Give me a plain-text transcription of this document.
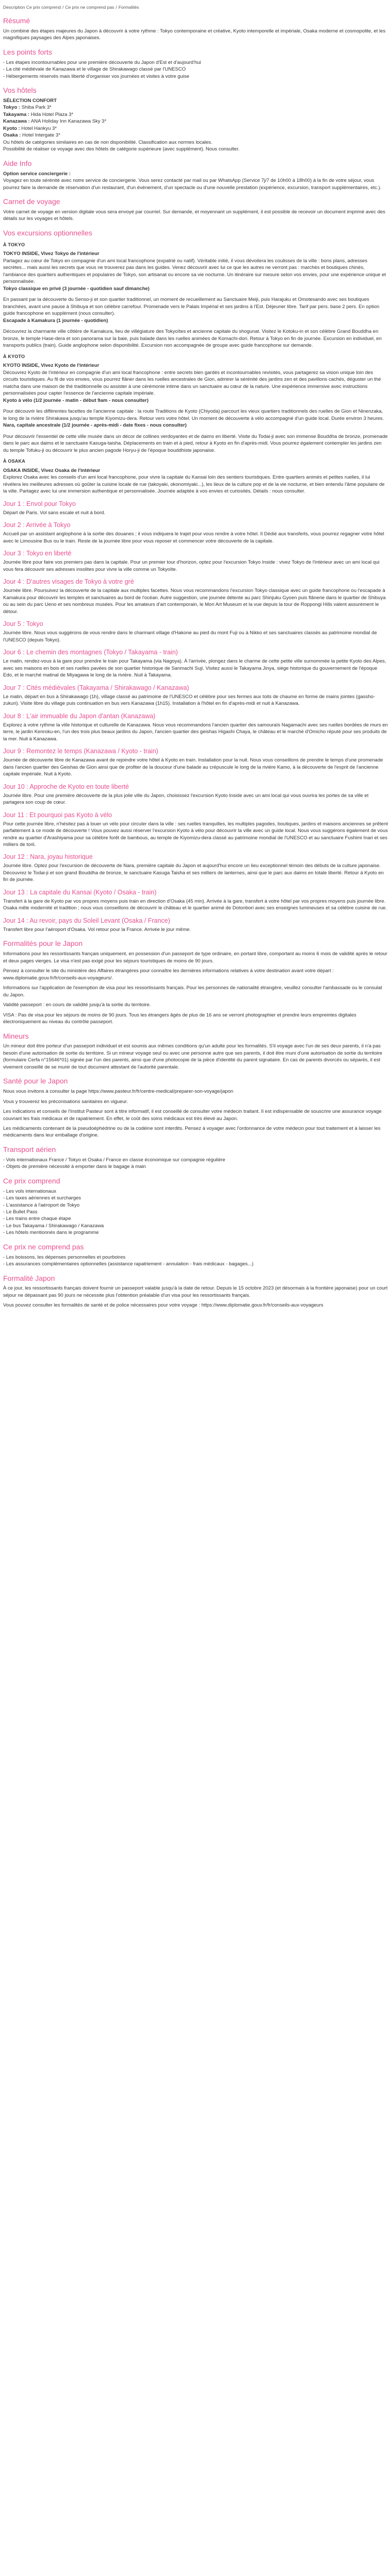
Description Ce prix comprend / Ce prix ne comprend pas / Formalités
Résumé

Un combiné des étapes majeures du Japon à découvrir à votre rythme : Tokyo contemporaine et créative, Kyoto intemporelle et impériale, Osaka moderne et cosmopolite, et les magnifiques paysages des Alpes japonaises.

Les points forts
- Les étapes incontournables pour une première découverte du Japon d'Est et d'aujourd'hui
- La cité médiévale de Kanazawa et le village de Shirakawago classé par l'UNESCO
- Hébergements réservés mais liberté d'organiser vos journées et visites à votre guise
Vos hôtels
SÉLECTION CONFORT
Tokyo : Shiba Park 3*
Takayama : Hida Hotel Plaza 3*
Kanazawa : ANA Holiday Inn Kanazawa Sky 3*
Kyoto : Hotel Hankyu 3*
Osaka : Hotel Intergate 3*
Ou hôtels de catégories similaires en cas de non disponibilité. Classification aux normes locales.
Possibilité de réaliser ce voyage avec des hôtels de catégorie supérieure (avec supplément). Nous consulter.
Aide Info
Option service conciergerie :

Voyagez en toute sérénité avec notre service de conciergerie. Vous serez contacté par mail ou par WhatsApp (Service 7j/7 de 10h00 à 18h00) à la fin de votre séjour, vous pourrez faire la demande de réservation d'un restaurant, d'un événement, d'un spectacle ou d'une nouvelle prestation (expérience, excursion, transport supplémentaires, etc.).

Carnet de voyage

Votre carnet de voyage en version digitale vous sera envoyé par courriel. Sur demande, et moyennant un supplément, il est possible de recevoir un document imprimé avec des détails sur les voyages et hôtels.

Vos excursions optionnelles
À TOKYO
TOKYO INSIDE, Vivez Tokyo de l'intérieur
Partagez au cœur de Tokyo en compagnie d'un ami local francophone (expatrié ou natif). Véritable initié, il vous dévoilera les coulisses de la ville : bons plans, adresses secrètes... mais aussi les secrets que vous ne trouverez pas dans les guides. Venez découvrir avec lui ce que les autres ne verront pas : marchés et boutiques chinés, l'ambiance des quartiers authentiques et populaires de Tokyo, son artisanat ou encore sa vie nocturne. Un itinéraire sur mesure selon vos envies, pour une expérience unique et personnalisée.
Tokyo classique en privé (3 journée - quotidien sauf dimanche)
En passant par la découverte du Senso-ji et son quartier traditionnel, un moment de recueillement au Sanctuaire Meiji, puis Harajuku et Omotesando avec ses boutiques branchées, avant une pause à Shibuya et son célèbre carrefour. Promenade vers le Palais Impérial et ses jardins à l'Est. Déjeuner libre. Tarif par pers. base 2 pers. En option guide francophone en supplément (nous consulter).
Escapade à Kamakura (1 journée - quotidien)
Découvrez la charmante ville côtière de Kamakura, lieu de villégiature des Tokyoïtes et ancienne capitale du shogunat. Visitez le Kotoku-in et son célèbre Grand Bouddha en bronze, le temple Hase-dera et son panorama sur la baie, puis balade dans les ruelles animées de Komachi-dori. Retour à Tokyo en fin de journée. Excursion en individuel, en transports publics (train). Guide anglophone selon disponibilité. Excursion non accompagnée de groupe avec guide francophone sur demande.
À KYOTO
KYOTO INSIDE, Vivez Kyoto de l'intérieur
Découvrez Kyoto de l'intérieur en compagnie d'un ami local francophone : entre secrets bien gardés et incontournables revisités, vous partagerez sa vision unique loin des circuits touristiques. Au fil de vos envies, vous pourrez flâner dans les ruelles ancestrales de Gion, admirer la sérénité des jardins zen et des pavillons cachés, déguster un thé matcha dans une maison de thé traditionnelle ou assister à une cérémonie intime dans un sanctuaire au cœur de la nature. Une expérience immersive avec instructions personnalisées pour capter l'essence de l'ancienne capitale impériale.
Kyoto à vélo (1/2 journée - matin - début 9am - nous consulter)
Pour découvrir les différentes facettes de l'ancienne capitale : la route Traditions de Kyoto (Chiyoda) parcourt les vieux quartiers traditionnels des ruelles de Gion et Ninenzaka, le long de la rivière Shirakawa jusqu'au temple Kiyomizu-dera. Retour vers votre hôtel. Un moment de découverte à vélo accompagné d'un guide local. Durée environ 3 heures.
Nara, capitale ancestrale (1/2 journée - après-midi - date fixes - nous consulter)
Pour découvrir l'essentiel de cette ville musée dans un décor de collines verdoyantes et de daims en liberté. Visite du Todai-ji avec son immense Bouddha de bronze, promenade dans le parc aux daims et le sanctuaire Kasuga-taisha. Déplacements en train et à pied, retour à Kyoto en fin d'après-midi. Vous pourrez également contempler les jardins zen du temple Tofuku-ji ou découvrir le plus ancien pagode Horyu-ji de l'époque bouddhiste japonaise.
À OSAKA
OSAKA INSIDE, Vivez Osaka de l'intérieur
Explorez Osaka avec les conseils d'un ami local francophone, pour vivre la capitale du Kansai loin des sentiers touristiques. Entre quartiers animés et petites ruelles, il lui révélera les meilleures adresses où goûter la cuisine locale de rue (takoyaki, okonomiyaki...), les lieux de la culture pop et de la vie nocturne, et bien entendu l'âme populaire de la ville. Partagez avec lui une immersion authentique et personnalisée. Journée adaptée à vos envies et curiosités. Détails : nous consulter.
Jour 1 : Envol pour Tokyo

Départ de Paris. Vol sans escale et nuit à bord.

Jour 2 : Arrivée à Tokyo

Accueil par un assistant anglophone à la sortie des douanes ; il vous indiquera le trajet pour vous rendre à votre hôtel. Il Dédié aux transferts, vous pourrez regagner votre hôtel avec le Limousine Bus ou le train. Reste de la journée libre pour vous reposer et commencer votre découverte de la capitale.

Jour 3 : Tokyo en liberté

Journée libre pour faire vos premiers pas dans la capitale. Pour un premier tour d'horizon, optez pour l'excursion Tokyo Inside : vivez Tokyo de l'intérieur avec un ami local qui vous fera découvrir ses adresses insolites pour vivre la ville comme un Tokyoïte.

Jour 4 : D'autres visages de Tokyo à votre gré

Journée libre. Poursuivez la découverte de la capitale aux multiples facettes. Nous vous recommandons l'excursion Tokyo classique avec un guide francophone ou l'escapade à Kamakura pour découvrir les temples et sanctuaires au bord de l'océan. Autre suggestion, une journée détente au parc Shinjuku Gyoen puis flânerie dans le quartier de Shibuya ou au sein du parc Ueno et ses nombreux musées. Pour les amateurs d'art contemporain, le Mori Art Museum et la vue depuis la tour de Roppongi Hills valent assurément le détour.

Jour 5 : Tokyo

Journée libre. Nous vous suggérons de vous rendre dans le charmant village d'Hakone au pied du mont Fuji ou à Nikko et ses sanctuaires classés au patrimoine mondial de l'UNESCO (depuis Tokyo).

Jour 6 : Le chemin des montagnes (Tokyo / Takayama - train)

Le matin, rendez-vous à la gare pour prendre le train pour Takayama (via Nagoya). À l'arrivée, plongez dans le charme de cette petite ville surnommée la petite Kyoto des Alpes, avec ses maisons en bois et ses ruelles pavées de son quartier historique de Sanmachi Suji. Visitez aussi le Takayama Jinya, siège historique du gouvernement de l'époque Edo, et le marché matinal de Miyagawa le long de la rivière. Nuit à Takayama.

Jour 7 : Cités médiévales (Takayama / Shirakawago / Kanazawa)

Le matin, départ en bus à Shirakawago (1h), village classé au patrimoine de l'UNESCO et célèbre pour ses fermes aux toits de chaume en forme de mains jointes (gassho-zukuri). Visite libre du village puis continuation en bus vers Kanazawa (1h15). Installation à l'hôtel en fin d'après-midi et nuit à Kanazawa.

Jour 8 : L'air immuable du Japon d'antan (Kanazawa)

Explorez à votre rythme la ville historique et culturelle de Kanazawa. Nous vous recommandons l'ancien quartier des samouraïs Nagamachi avec ses ruelles bordées de murs en terre, le jardin Kenroku-en, l'un des trois plus beaux jardins du Japon, l'ancien quartier des geishas Higashi Chaya, le château et le marché d'Omicho réputé pour ses produits de la mer. Nuit à Kanazawa.

Jour 9 : Remontez le temps (Kanazawa / Kyoto - train)

Journée de découverte libre de Kanazawa avant de rejoindre votre hôtel à Kyoto en train. Installation pour la nuit. Nous vous conseillons de prendre le temps d'une promenade dans l'ancien quartier des Geishas de Gion ainsi que de profiter de la douceur d'une balade au crépuscule le long de la rivière Kamo, à la découverte de l'esprit de l'ancienne capitale impériale. Nuit à Kyoto.

Jour 10 : Approche de Kyoto en toute liberté

Journée libre. Pour une première découverte de la plus jolie ville du Japon, choisissez l'excursion Kyoto Inside avec un ami local qui vous ouvrira les portes de sa ville et partagera son coup de cœur.

Jour 11 : Et pourquoi pas Kyoto à vélo

Pour cette journée libre, n'hésitez pas à louer un vélo pour circuler dans la ville : ses ruelles tranquilles, les multiples pagodes, boutiques, jardins et maisons anciennes se prêtent parfaitement à ce mode de découverte ! Vous pouvez aussi réserver l'excursion Kyoto à vélo pour découvrir la ville avec un guide local. Nous vous suggérons également de vous rendre au quartier d'Arashiyama pour sa célèbre forêt de bambous, au temple de Kiyomizu-dera classé au patrimoine mondial de l'UNESCO et au sanctuaire Fushimi Inari et ses milliers de torii.

Jour 12 : Nara, joyau historique

Journée libre. Optez pour l'excursion de découverte de Nara, première capitale du Japon et aujourd'hui encore un lieu exceptionnel témoin des débuts de la culture japonaise. Découvrez le Todai-ji et son grand Bouddha de bronze, le sanctuaire Kasuga Taisha et ses milliers de lanternes, ainsi que le parc aux daims en totale liberté. Retour à Kyoto en fin de journée.

Jour 13 : La capitale du Kansai (Kyoto / Osaka - train)

Transfert à la gare de Kyoto par vos propres moyens puis train en direction d'Osaka (45 min). Arrivée à la gare, transfert à votre hôtel par vos propres moyens puis journée libre. Osaka mêle modernité et tradition ; nous vous conseillons de découvrir le château et le quartier animé de Dotonbori avec ses enseignes lumineuses et sa célèbre cuisine de rue.

Jour 14 : Au revoir, pays du Soleil Levant (Osaka / France)

Transfert libre pour l'aéroport d'Osaka. Vol retour pour la France. Arrivée le jour même.

Formalités pour le Japon

Informations pour les ressortissants français uniquement, en possession d'un passeport de type ordinaire, en portant libre, comportant au moins 6 mois de validité après le retour et deux pages vierges. Le visa n'est pas exigé pour les séjours touristiques de moins de 90 jours.

Pensez à consulter le site du ministère des Affaires étrangères pour connaître les dernières informations relatives à votre destination avant votre départ : www.diplomatie.gouv.fr/fr/conseils-aux-voyageurs/.

Informations sur l'application de l'exemption de visa pour les ressortissants français. Pour les personnes de nationalité étrangère, veuillez consulter l'ambassade ou le consulat du Japon.

Validité passeport : en cours de validité jusqu'à la sortie du territoire.

VISA : Pas de visa pour les séjours de moins de 90 jours. Tous les étrangers âgés de plus de 16 ans se verront photographier et prendre leurs empreintes digitales électroniquement au niveau du contrôle passeport.

Mineurs

Un mineur doit être porteur d'un passeport individuel et est soumis aux mêmes conditions qu'un adulte pour les formalités. S'il voyage avec l'un de ses deux parents, il n'a pas besoin d'une autorisation de sortie du territoire. Si un mineur voyage seul ou avec une personne autre que ses parents, il doit être muni d'une autorisation de sortie du territoire (formulaire Cerfa n°15646*01) signée par l'un des parents, ainsi que d'une photocopie de la pièce d'identité du parent signataire. En cas de parents divorcés ou séparés, il est vivement conseillé de se munir de tout document attestant de l'autorité parentale.

Santé pour le Japon

Nous vous invitons à consulter la page https://www.pasteur.fr/fr/centre-medical/preparer-son-voyage/japon

Vous y trouverez les préconisations sanitaires en vigueur.

Les indications et conseils de l'Institut Pasteur sont à titre informatif, il est conseillé de consulter votre médecin traitant. Il est indispensable de souscrire une assurance voyage couvrant les frais médicaux et de rapatriement. En effet, le coût des soins médicaux est très élevé au Japon.

Les médicaments contenant de la pseudoéphédrine ou de la codéine sont interdits. Pensez à voyager avec l'ordonnance de votre médecin pour tout traitement et à laisser les médicaments dans leur emballage d'origine.

Transport aérien

- Vols internationaux France / Tokyo et Osaka / France en classe économique sur compagnie régulière
- Objets de première nécessité à emporter dans le bagage à main

Ce prix comprend
- Les vols internationaux
- Les taxes aériennes et surcharges
- L'assistance à l'aéroport de Tokyo
- Le Bullet Pass
- Les trains entre chaque étape
- Le bus Takayama / Shirakawago / Kanazawa
- Les hôtels mentionnés dans le programme
Ce prix ne comprend pas
- Les boissons, les dépenses personnelles et pourboires
- Les assurances complémentaires optionnelles (assistance rapatriement - annulation - frais médicaux - bagages...)
Formalité Japon

À ce jour, les ressortissants français doivent fournir un passeport valable jusqu'à la date de retour. Depuis le 15 octobre 2023 (et désormais à la frontière japonaise) pour un court séjour ne dépassant pas 90 jours ne nécessite plus l'obtention préalable d'un visa pour les ressortissants français.

Vous pouvez consulter les formalités de santé et de police nécessaires pour votre voyage : https://www.diplomatie.gouv.fr/fr/conseils-aux-voyageurs
